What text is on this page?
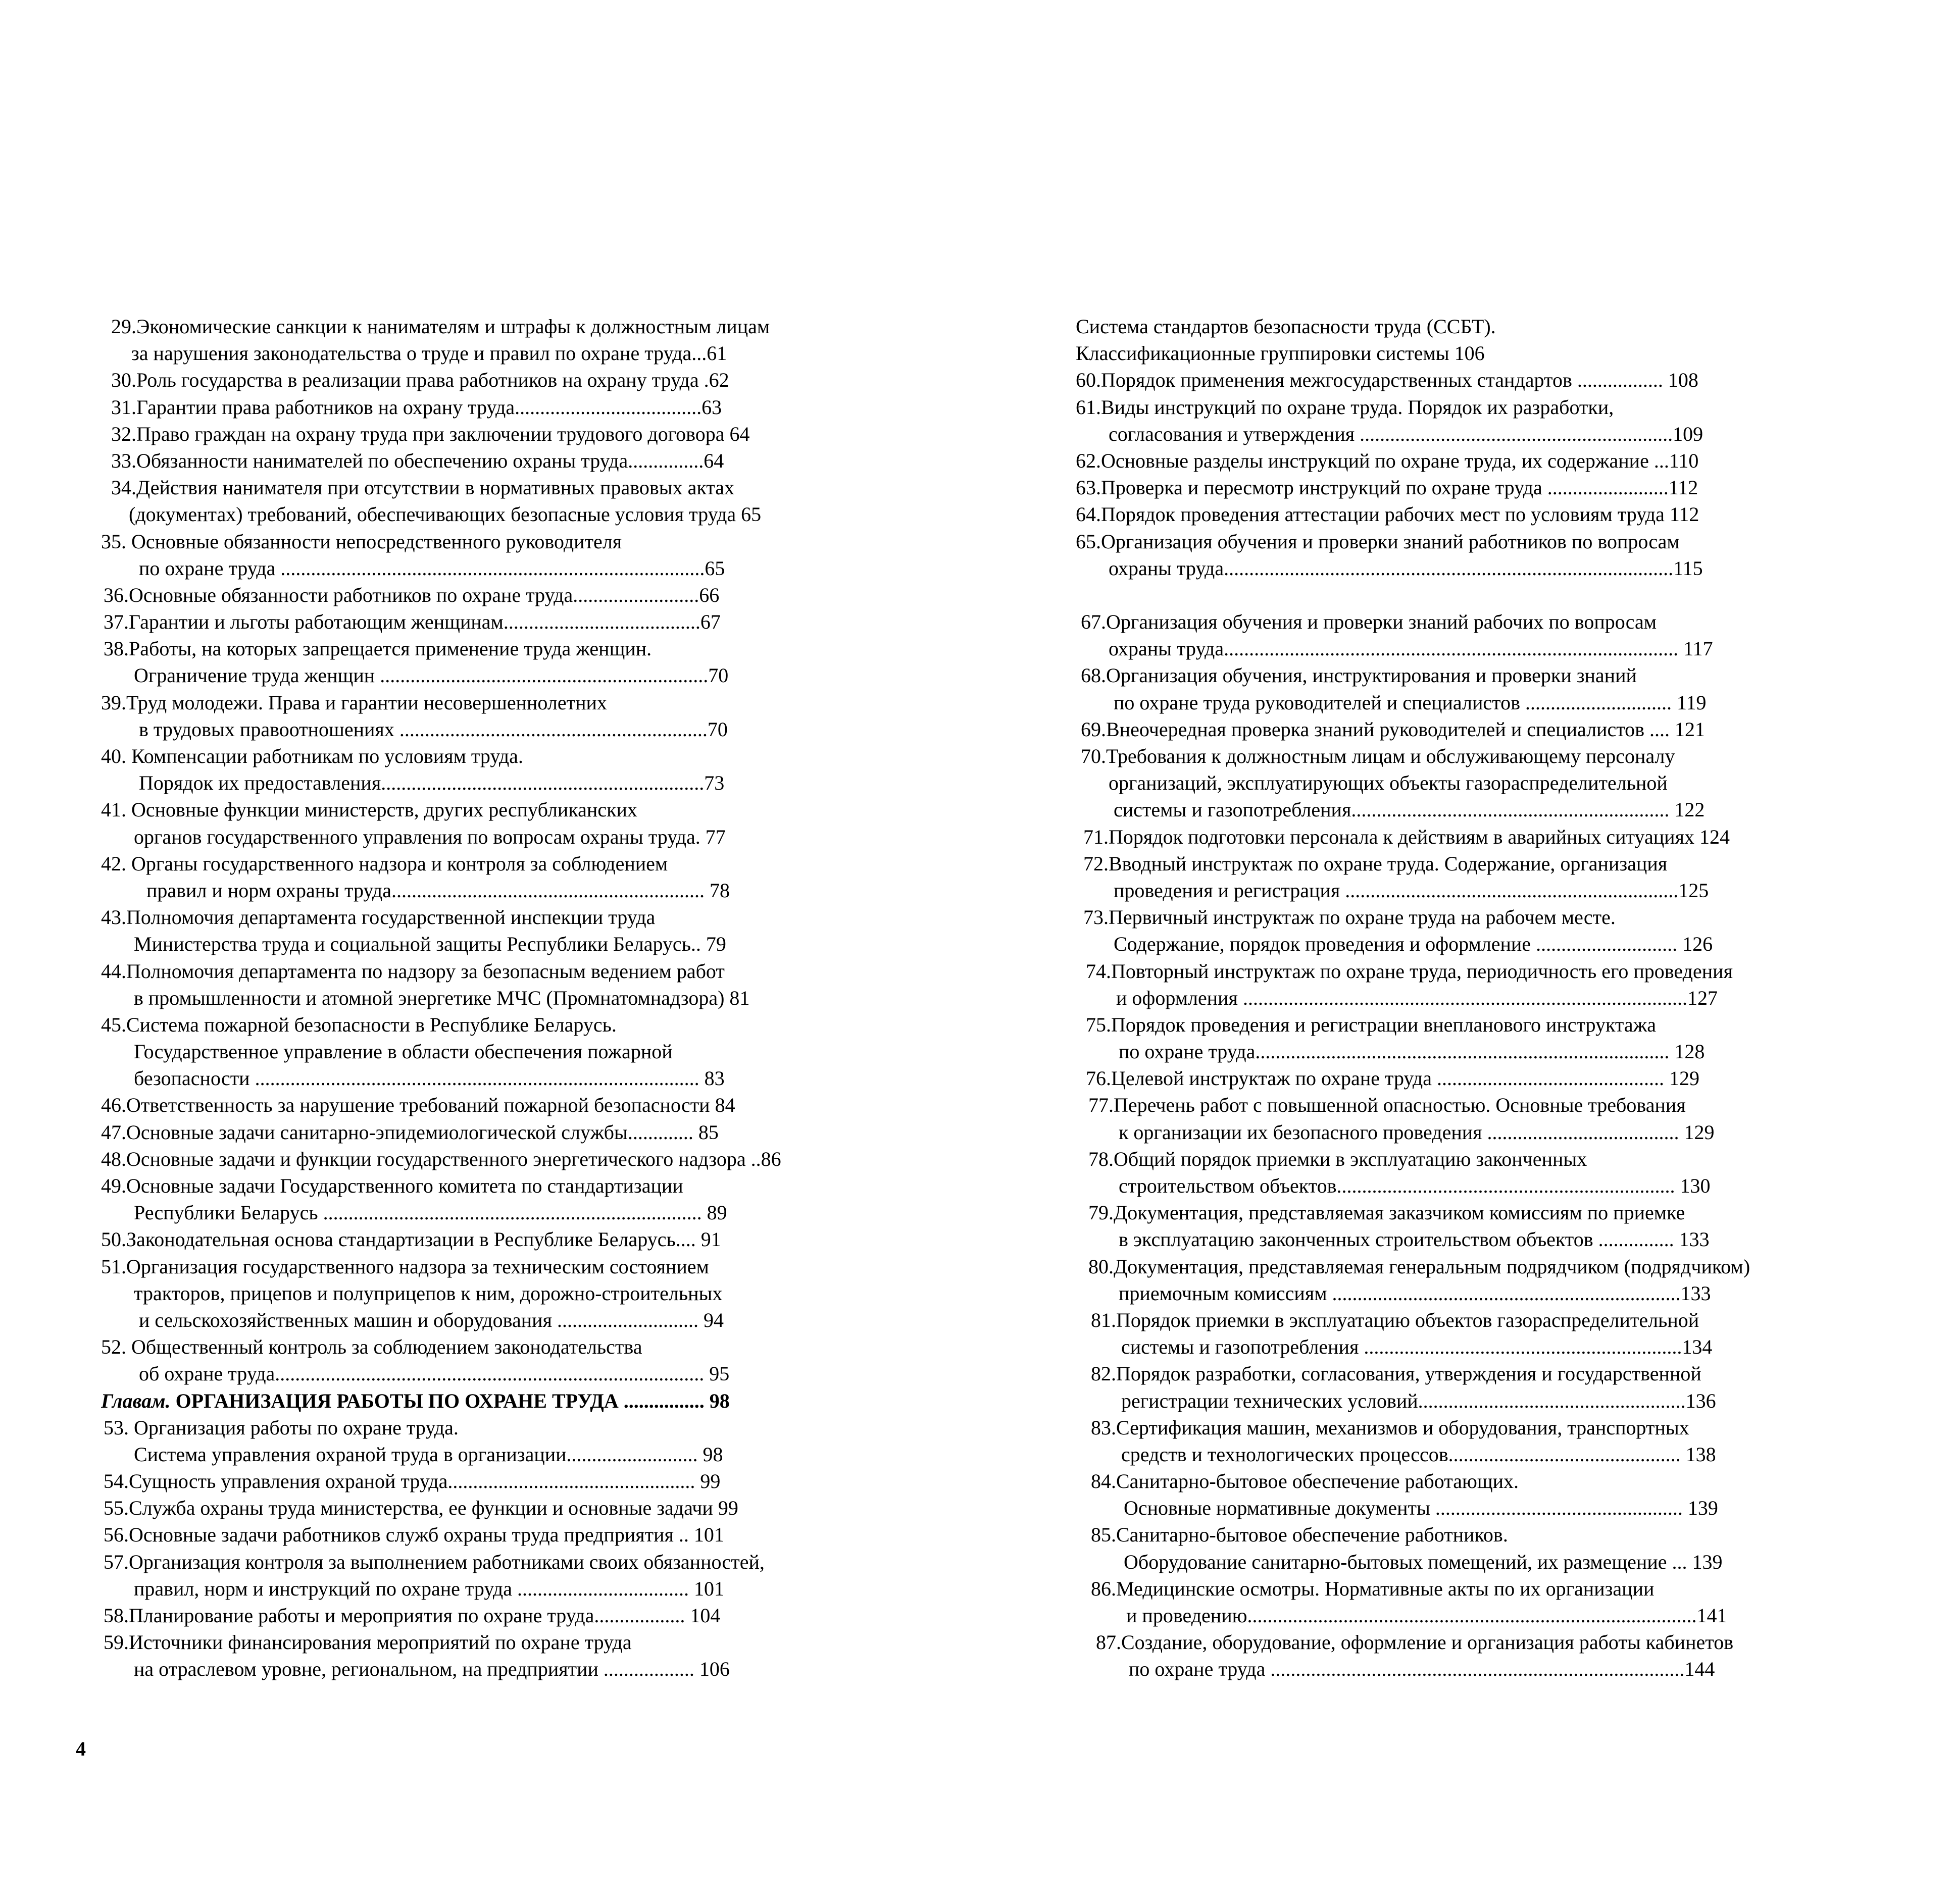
29.Экономические санкции к нанимателям и штрафы к должностным лицам
за нарушения законодательства о труде и правил по охране труда...61
30.Роль государства в реализации права работников на охрану труда .62
31.Гарантии права работников на охрану труда.....................................63
32.Право граждан на охрану труда при заключении трудового договора 64
33.Обязанности нанимателей по обеспечению охраны труда...............64
34.Действия нанимателя при отсутствии в нормативных правовых актах
(документах) требований, обеспечивающих безопасные условия труда 65
35. Основные обязанности непосредственного руководителя
по охране труда ....................................................................................65
36.Основные обязанности работников по охране труда.........................66
37.Гарантии и льготы работающим женщинам.......................................67
38.Работы, на которых запрещается применение труда женщин.
Ограничение труда женщин .................................................................70
39.Труд молодежи. Права и гарантии несовершеннолетних
в трудовых правоотношениях .............................................................70
40. Компенсации работникам по условиям труда.
Порядок их предоставления................................................................73
41. Основные функции министерств, других республиканских
органов государственного управления по вопросам охраны труда. 77
42. Органы государственного надзора и контроля за соблюдением
правил и норм охраны труда.............................................................. 78
43.Полномочия департамента государственной инспекции труда
Министерства труда и социальной защиты Республики Беларусь.. 79
44.Полномочия департамента по надзору за безопасным ведением работ
в промышленности и атомной энергетике МЧС (Промнатомнадзора) 81
45.Система пожарной безопасности в Республике Беларусь.
Государственное управление в области обеспечения пожарной
безопасности ........................................................................................ 83
46.Ответственность за нарушение требований пожарной безопасности 84
47.Основные задачи санитарно-эпидемиологической службы............. 85
48.Основные задачи и функции государственного энергетического надзора ..86
49.Основные задачи Государственного комитета по стандартизации
Республики Беларусь ........................................................................... 89
50.Законодательная основа стандартизации в Республике Беларусь.... 91
51.Организация государственного надзора за техническим состоянием
тракторов, прицепов и полуприцепов к ним, дорожно-строительных
и сельскохозяйственных машин и оборудования ............................ 94
52. Общественный контроль за соблюдением законодательства
об охране труда..................................................................................... 95
Главам. ОРГАНИЗАЦИЯ РАБОТЫ ПО ОХРАНЕ ТРУДА ................ 98
53. Организация работы по охране труда.
Система управления охраной труда в организации.......................... 98
54.Сущность управления охраной труда................................................. 99
55.Служба охраны труда министерства, ее функции и основные задачи 99
56.Основные задачи работников служб охраны труда предприятия .. 101
57.Организация контроля за выполнением работниками своих обязанностей,
правил, норм и инструкций по охране труда .................................. 101
58.Планирование работы и мероприятия по охране труда.................. 104
59.Источники финансирования мероприятий по охране труда
на отраслевом уровне, региональном, на предприятии .................. 106
Система стандартов безопасности труда (ССБТ).
Классификационные группировки системы 106
60.Порядок применения межгосударственных стандартов ................. 108
61.Виды инструкций по охране труда. Порядок их разработки,
согласования и утверждения ..............................................................109
62.Основные разделы инструкций по охране труда, их содержание ...110
63.Проверка и пересмотр инструкций по охране труда ........................112
64.Порядок проведения аттестации рабочих мест по условиям труда 112
65.Организация обучения и проверки знаний работников по вопросам
охраны труда.........................................................................................115
67.Организация обучения и проверки знаний рабочих по вопросам
охраны труда.......................................................................................... 117
68.Организация обучения, инструктирования и проверки знаний
по охране труда руководителей и специалистов ............................. 119
69.Внеочередная проверка знаний руководителей и специалистов .... 121
70.Требования к должностным лицам и обслуживающему персоналу
организаций, эксплуатирующих объекты газораспределительной
системы и газопотребления............................................................... 122
71.Порядок подготовки персонала к действиям в аварийных ситуациях 124
72.Вводный инструктаж по охране труда. Содержание, организация
проведения и регистрация ..................................................................125
73.Первичный инструктаж по охране труда на рабочем месте.
Содержание, порядок проведения и оформление ............................ 126
74.Повторный инструктаж по охране труда, периодичность его проведения
и оформления ........................................................................................127
75.Порядок проведения и регистрации внепланового инструктажа
по охране труда.................................................................................. 128
76.Целевой инструктаж по охране труда ............................................. 129
77.Перечень работ с повышенной опасностью. Основные требования
к организации их безопасного проведения ...................................... 129
78.Общий порядок приемки в эксплуатацию законченных
строительством объектов................................................................... 130
79.Документация, представляемая заказчиком комиссиям по приемке
в эксплуатацию законченных строительством объектов ............... 133
80.Документация, представляемая генеральным подрядчиком (подрядчиком)
приемочным комиссиям .....................................................................133
81.Порядок приемки в эксплуатацию объектов газораспределительной
системы и газопотребления ...............................................................134
82.Порядок разработки, согласования, утверждения и государственной
регистрации технических условий.....................................................136
83.Сертификация машин, механизмов и оборудования, транспортных
средств и технологических процессов.............................................. 138
84.Санитарно-бытовое обеспечение работающих.
Основные нормативные документы ................................................. 139
85.Санитарно-бытовое обеспечение работников.
Оборудование санитарно-бытовых помещений, их размещение ... 139
86.Медицинские осмотры. Нормативные акты по их организации
и проведению.........................................................................................141
87.Создание, оборудование, оформление и организация работы кабинетов
по охране труда ..................................................................................144
4
